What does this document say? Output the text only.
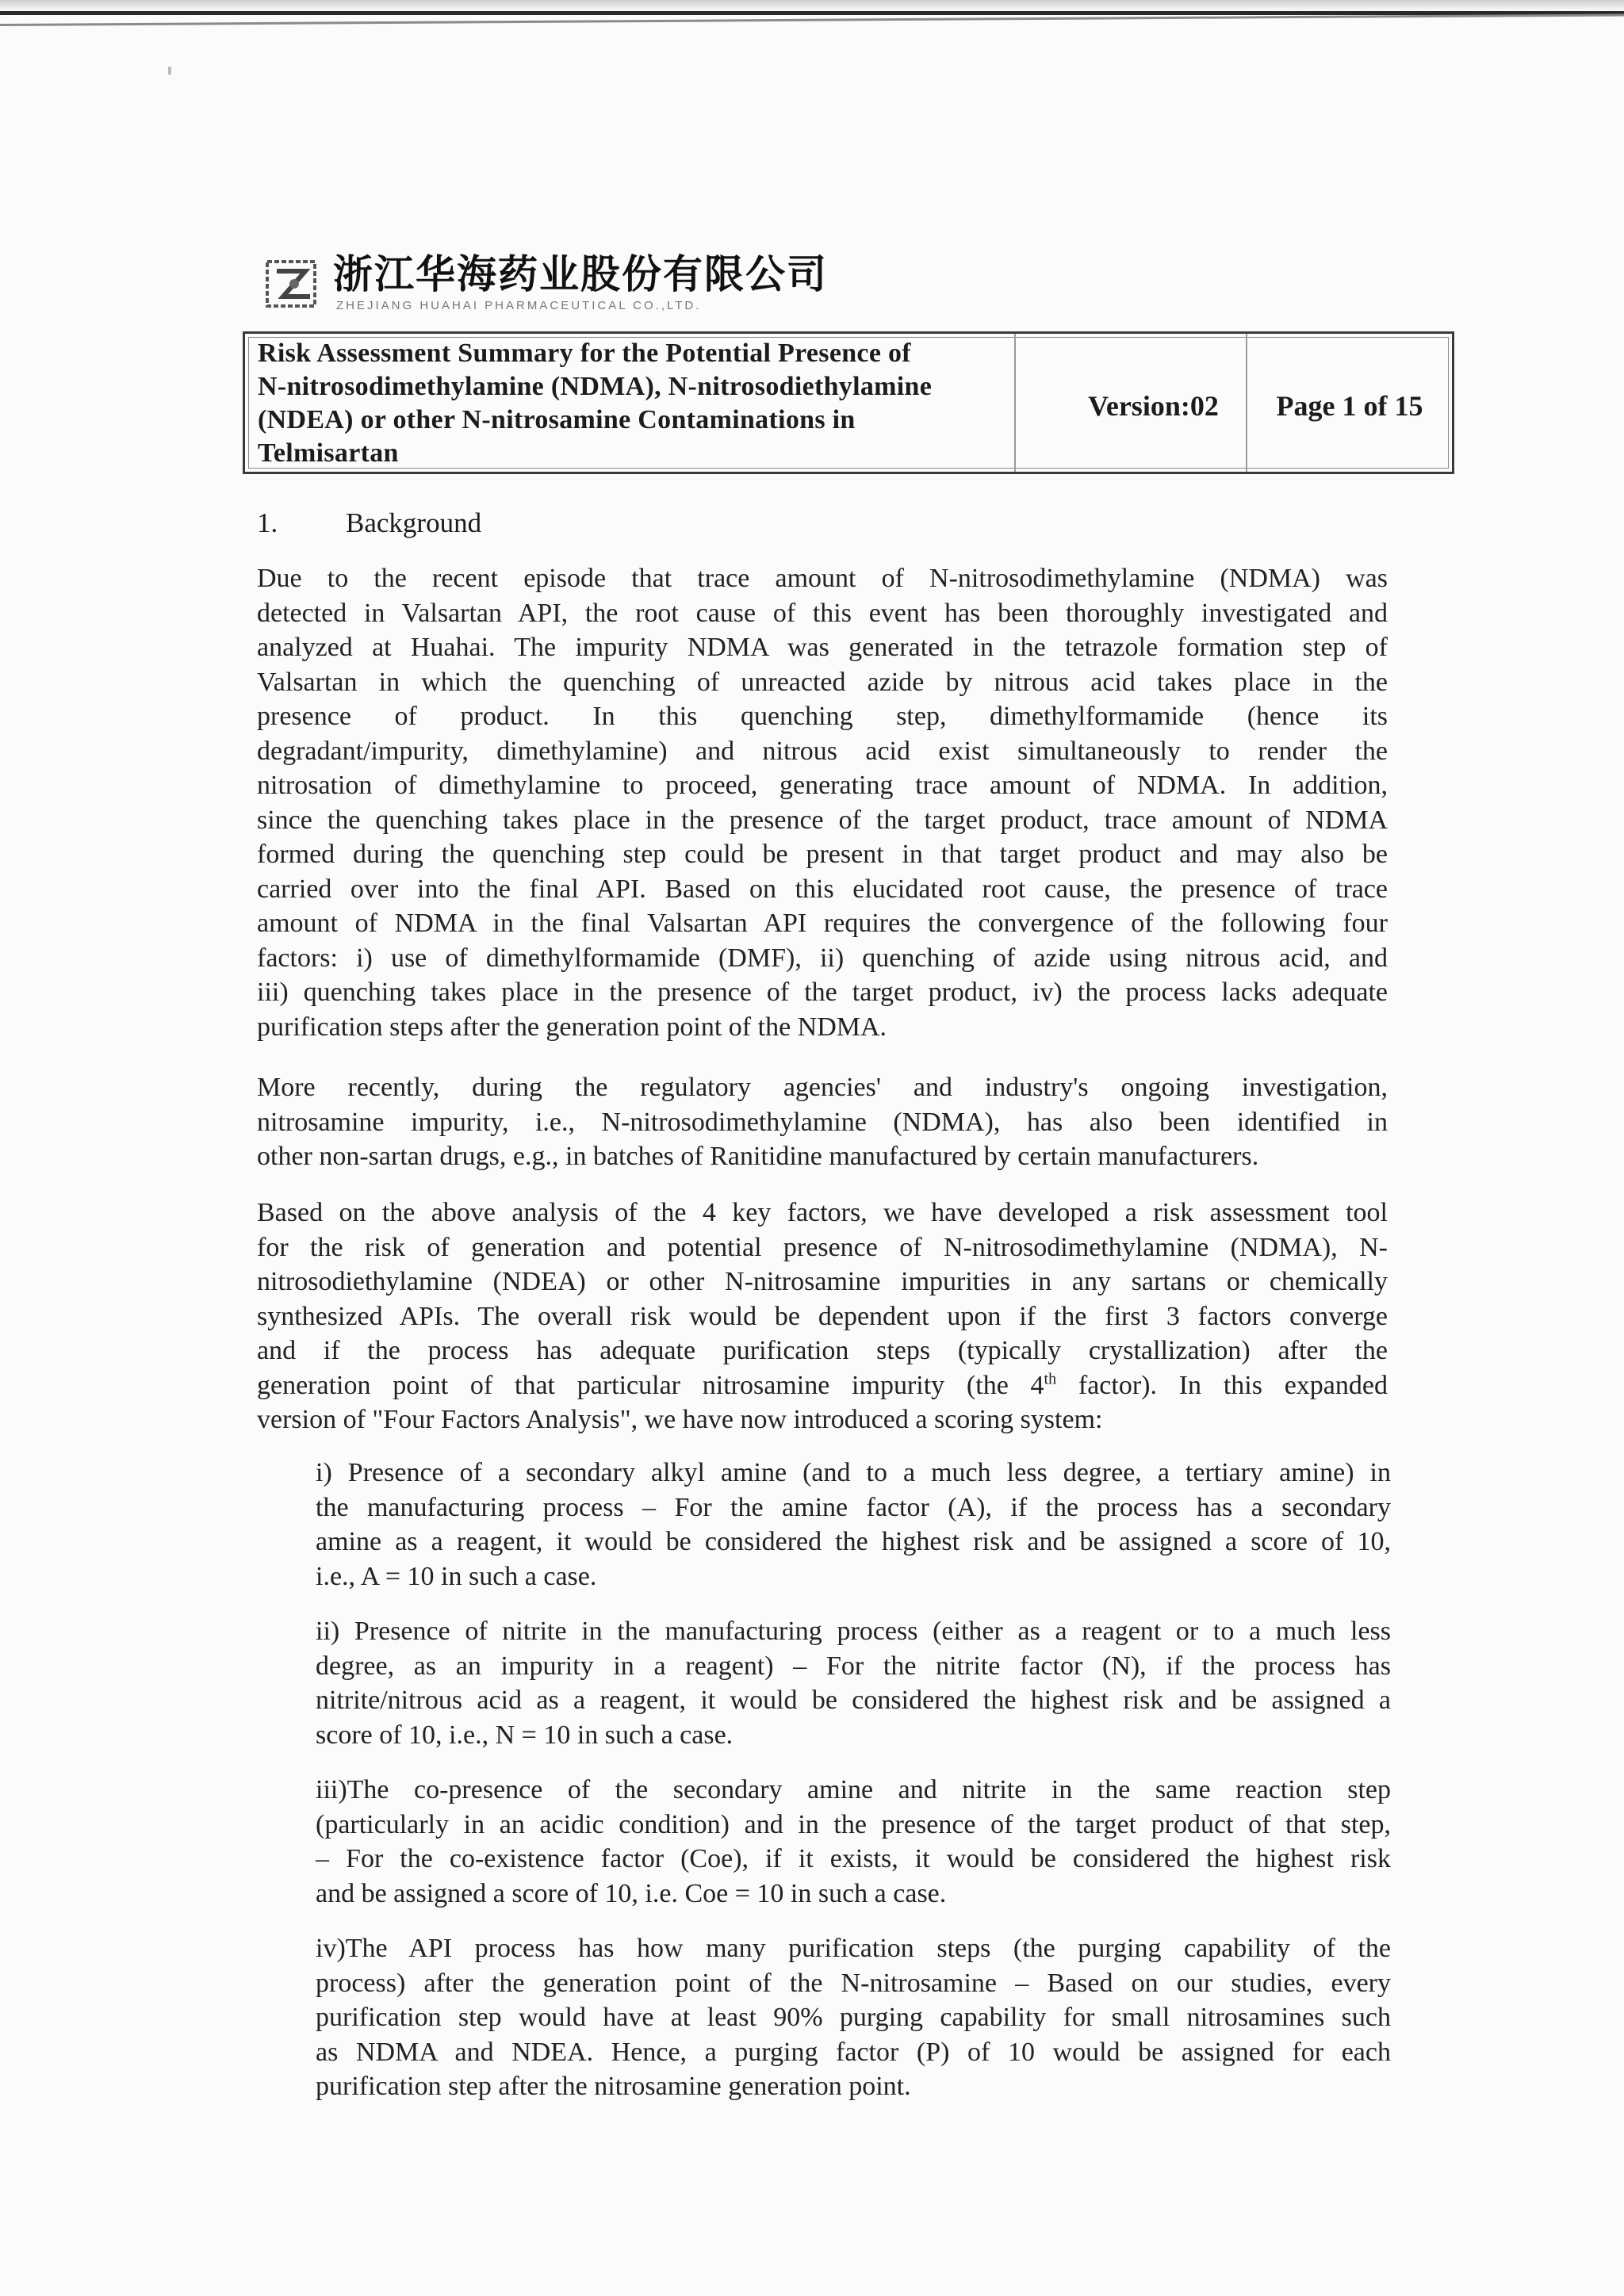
浙江华海药业股份有限公司
ZHEJIANG HUAHAI PHARMACEUTICAL CO.,LTD.
Risk Assessment Summary for the Potential Presence of
N-nitrosodimethylamine (NDMA), N-nitrosodiethylamine
(NDEA) or other N-nitrosamine Contaminations in
Telmisartan
Version:02	Page 1 of 15
1. Background
Due to the recent episode that trace amount of N-nitrosodimethylamine (NDMA) was
detected in Valsartan API, the root cause of this event has been thoroughly investigated and
analyzed at Huahai. The impurity NDMA was generated in the tetrazole formation step of
Valsartan in which the quenching of unreacted azide by nitrous acid takes place in the
presence of product. In this quenching step, dimethylformamide (hence its
degradant/impurity, dimethylamine) and nitrous acid exist simultaneously to render the
nitrosation of dimethylamine to proceed, generating trace amount of NDMA. In addition,
since the quenching takes place in the presence of the target product, trace amount of NDMA
formed during the quenching step could be present in that target product and may also be
carried over into the final API. Based on this elucidated root cause, the presence of trace
amount of NDMA in the final Valsartan API requires the convergence of the following four
factors: i) use of dimethylformamide (DMF), ii) quenching of azide using nitrous acid, and
iii) quenching takes place in the presence of the target product, iv) the process lacks adequate
purification steps after the generation point of the NDMA.
More recently, during the regulatory agencies' and industry's ongoing investigation,
nitrosamine impurity, i.e., N-nitrosodimethylamine (NDMA), has also been identified in
other non-sartan drugs, e.g., in batches of Ranitidine manufactured by certain manufacturers.
Based on the above analysis of the 4 key factors, we have developed a risk assessment tool
for the risk of generation and potential presence of N-nitrosodimethylamine (NDMA), N-
nitrosodiethylamine (NDEA) or other N-nitrosamine impurities in any sartans or chemically
synthesized APIs. The overall risk would be dependent upon if the first 3 factors converge
and if the process has adequate purification steps (typically crystallization) after the
generation point of that particular nitrosamine impurity (the 4th factor). In this expanded
version of "Four Factors Analysis", we have now introduced a scoring system:
i) Presence of a secondary alkyl amine (and to a much less degree, a tertiary amine) in
the manufacturing process – For the amine factor (A), if the process has a secondary
amine as a reagent, it would be considered the highest risk and be assigned a score of 10,
i.e., A = 10 in such a case.
ii) Presence of nitrite in the manufacturing process (either as a reagent or to a much less
degree, as an impurity in a reagent) – For the nitrite factor (N), if the process has
nitrite/nitrous acid as a reagent, it would be considered the highest risk and be assigned a
score of 10, i.e., N = 10 in such a case.
iii)The co-presence of the secondary amine and nitrite in the same reaction step
(particularly in an acidic condition) and in the presence of the target product of that step,
– For the co-existence factor (Coe), if it exists, it would be considered the highest risk
and be assigned a score of 10, i.e. Coe = 10 in such a case.
iv)The API process has how many purification steps (the purging capability of the
process) after the generation point of the N-nitrosamine – Based on our studies, every
purification step would have at least 90% purging capability for small nitrosamines such
as NDMA and NDEA. Hence, a purging factor (P) of 10 would be assigned for each
purification step after the nitrosamine generation point.
